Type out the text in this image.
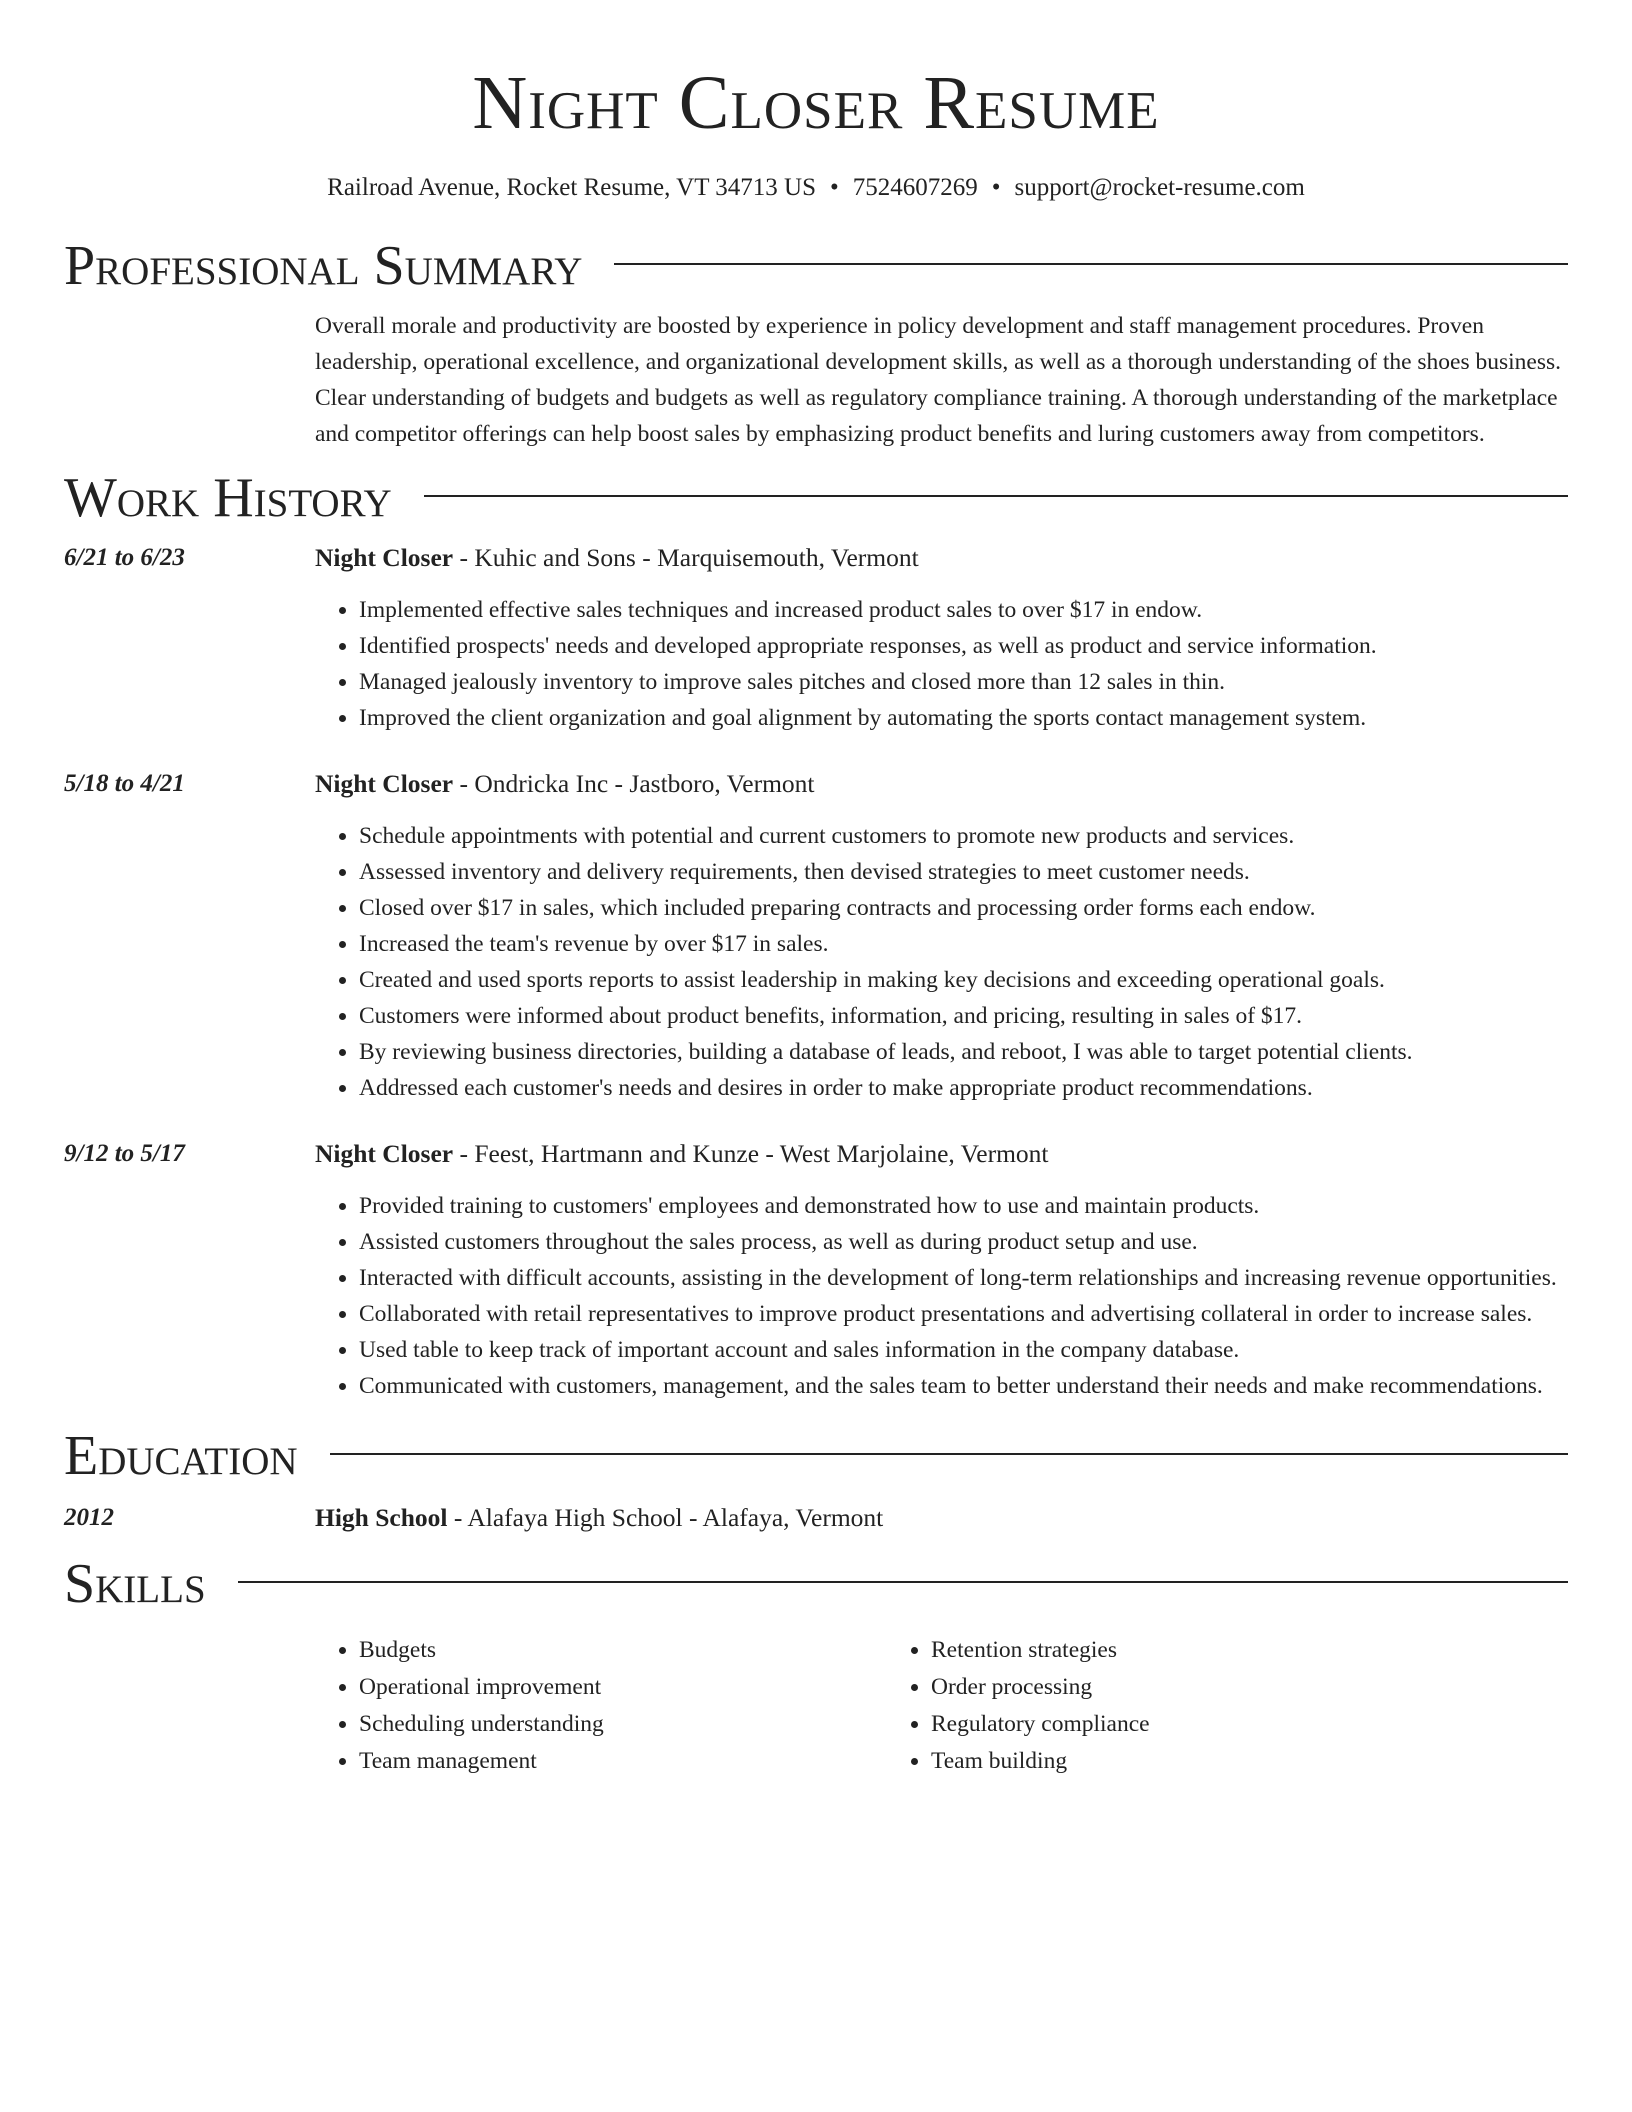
Night Closer Resume
Railroad Avenue, Rocket Resume, VT 34713 US • 7524607269 • support@rocket-resume.com
Professional Summary
Overall morale and productivity are boosted by experience in policy development and staff management procedures. Proven leadership, operational excellence, and organizational development skills, as well as a thorough understanding of the shoes business. Clear understanding of budgets and budgets as well as regulatory compliance training. A thorough understanding of the marketplace and competitor offerings can help boost sales by emphasizing product benefits and luring customers away from competitors.
Work History
6/21 to 6/23	Night Closer - Kuhic and Sons - Marquisemouth, Vermont
• Implemented effective sales techniques and increased product sales to over $17 in endow.
• Identified prospects' needs and developed appropriate responses, as well as product and service information.
• Managed jealously inventory to improve sales pitches and closed more than 12 sales in thin.
• Improved the client organization and goal alignment by automating the sports contact management system.
5/18 to 4/21	Night Closer - Ondricka Inc - Jastboro, Vermont
• Schedule appointments with potential and current customers to promote new products and services.
• Assessed inventory and delivery requirements, then devised strategies to meet customer needs.
• Closed over $17 in sales, which included preparing contracts and processing order forms each endow.
• Increased the team's revenue by over $17 in sales.
• Created and used sports reports to assist leadership in making key decisions and exceeding operational goals.
• Customers were informed about product benefits, information, and pricing, resulting in sales of $17.
• By reviewing business directories, building a database of leads, and reboot, I was able to target potential clients.
• Addressed each customer's needs and desires in order to make appropriate product recommendations.
9/12 to 5/17	Night Closer - Feest, Hartmann and Kunze - West Marjolaine, Vermont
• Provided training to customers' employees and demonstrated how to use and maintain products.
• Assisted customers throughout the sales process, as well as during product setup and use.
• Interacted with difficult accounts, assisting in the development of long-term relationships and increasing revenue opportunities.
• Collaborated with retail representatives to improve product presentations and advertising collateral in order to increase sales.
• Used table to keep track of important account and sales information in the company database.
• Communicated with customers, management, and the sales team to better understand their needs and make recommendations.
Education
2012	High School - Alafaya High School - Alafaya, Vermont
Skills
• Budgets
• Operational improvement
• Scheduling understanding
• Team management
• Retention strategies
• Order processing
• Regulatory compliance
• Team building
